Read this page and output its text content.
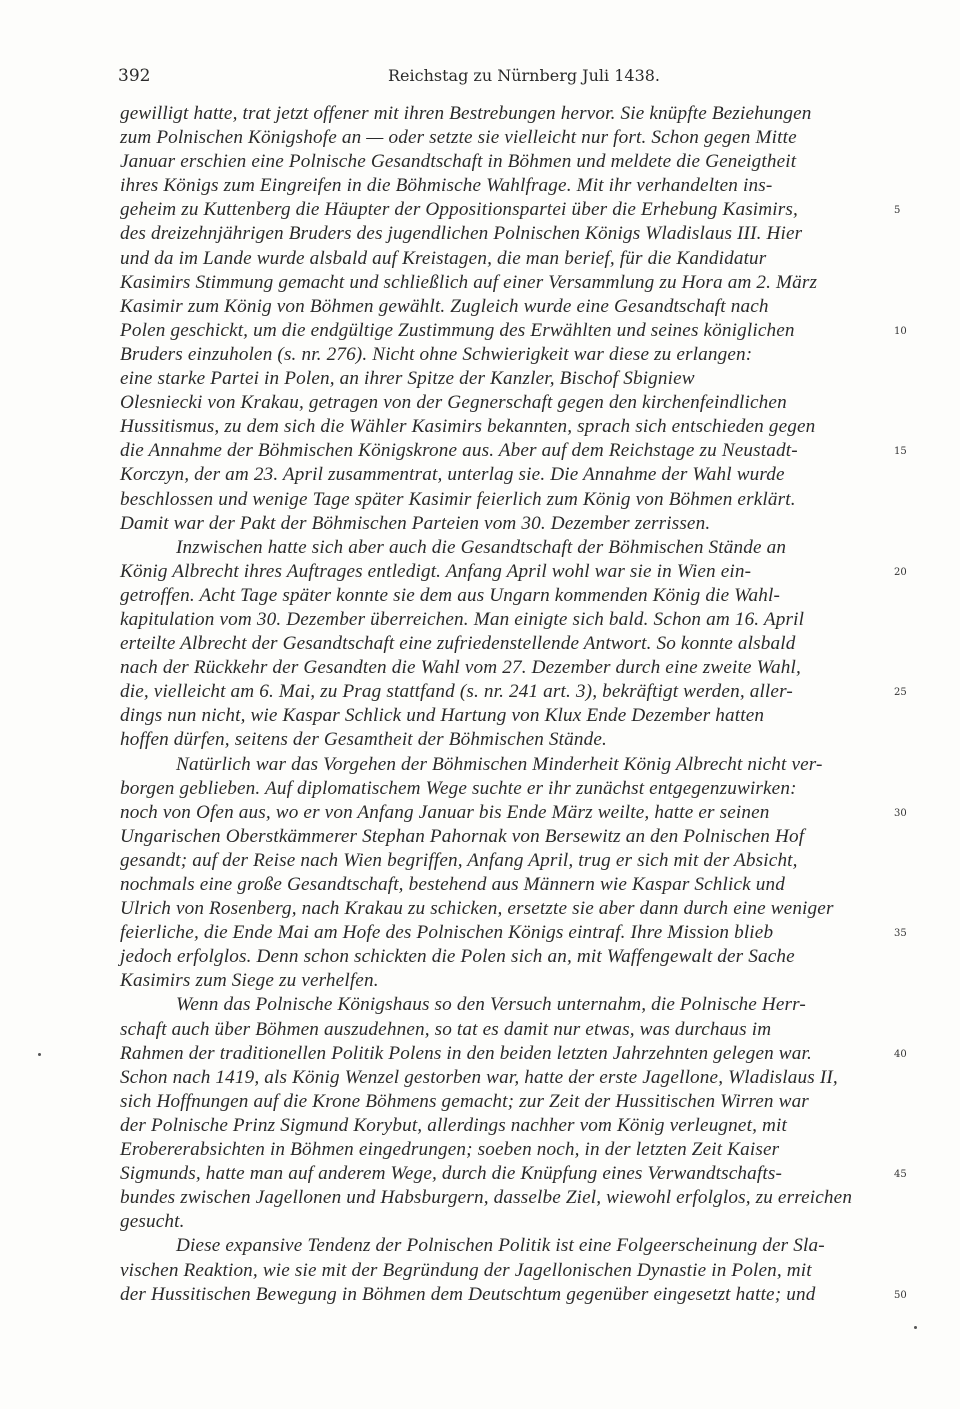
392	Reichstag zu Nürnberg Juli 1438.
gewilligt hatte, trat jetzt offener mit ihren Bestrebungen hervor. Sie knüpfte Beziehungen
zum Polnischen Königshofe an — oder setzte sie vielleicht nur fort. Schon gegen Mitte
Januar erschien eine Polnische Gesandtschaft in Böhmen und meldete die Geneigtheit
ihres Königs zum Eingreifen in die Böhmische Wahlfrage. Mit ihr verhandelten ins-
geheim zu Kuttenberg die Häupter der Oppositionspartei über die Erhebung Kasimirs,
des dreizehnjährigen Bruders des jugendlichen Polnischen Königs Wladislaus III. Hier
und da im Lande wurde alsbald auf Kreistagen, die man berief, für die Kandidatur
Kasimirs Stimmung gemacht und schließlich auf einer Versammlung zu Hora am 2. März
Kasimir zum König von Böhmen gewählt. Zugleich wurde eine Gesandtschaft nach
Polen geschickt, um die endgültige Zustimmung des Erwählten und seines königlichen
Bruders einzuholen (s. nr. 276). Nicht ohne Schwierigkeit war diese zu erlangen:
eine starke Partei in Polen, an ihrer Spitze der Kanzler, Bischof Sbigniew
Olesniecki von Krakau, getragen von der Gegnerschaft gegen den kirchenfeindlichen
Hussitismus, zu dem sich die Wähler Kasimirs bekannten, sprach sich entschieden gegen
die Annahme der Böhmischen Königskrone aus. Aber auf dem Reichstage zu Neustadt-
Korczyn, der am 23. April zusammentrat, unterlag sie. Die Annahme der Wahl wurde
beschlossen und wenige Tage später Kasimir feierlich zum König von Böhmen erklärt.
Damit war der Pakt der Böhmischen Parteien vom 30. Dezember zerrissen.
Inzwischen hatte sich aber auch die Gesandtschaft der Böhmischen Stände an
König Albrecht ihres Auftrages entledigt. Anfang April wohl war sie in Wien ein-
getroffen. Acht Tage später konnte sie dem aus Ungarn kommenden König die Wahl-
kapitulation vom 30. Dezember überreichen. Man einigte sich bald. Schon am 16. April
erteilte Albrecht der Gesandtschaft eine zufriedenstellende Antwort. So konnte alsbald
nach der Rückkehr der Gesandten die Wahl vom 27. Dezember durch eine zweite Wahl,
die, vielleicht am 6. Mai, zu Prag stattfand (s. nr. 241 art. 3), bekräftigt werden, aller-
dings nun nicht, wie Kaspar Schlick und Hartung von Klux Ende Dezember hatten
hoffen dürfen, seitens der Gesamtheit der Böhmischen Stände.
Natürlich war das Vorgehen der Böhmischen Minderheit König Albrecht nicht ver-
borgen geblieben. Auf diplomatischem Wege suchte er ihr zunächst entgegenzuwirken:
noch von Ofen aus, wo er von Anfang Januar bis Ende März weilte, hatte er seinen
Ungarischen Oberstkämmerer Stephan Pahornak von Bersewitz an den Polnischen Hof
gesandt; auf der Reise nach Wien begriffen, Anfang April, trug er sich mit der Absicht,
nochmals eine große Gesandtschaft, bestehend aus Männern wie Kaspar Schlick und
Ulrich von Rosenberg, nach Krakau zu schicken, ersetzte sie aber dann durch eine weniger
feierliche, die Ende Mai am Hofe des Polnischen Königs eintraf. Ihre Mission blieb
jedoch erfolglos. Denn schon schickten die Polen sich an, mit Waffengewalt der Sache
Kasimirs zum Siege zu verhelfen.
Wenn das Polnische Königshaus so den Versuch unternahm, die Polnische Herr-
schaft auch über Böhmen auszudehnen, so tat es damit nur etwas, was durchaus im
Rahmen der traditionellen Politik Polens in den beiden letzten Jahrzehnten gelegen war.
Schon nach 1419, als König Wenzel gestorben war, hatte der erste Jagellone, Wladislaus II,
sich Hoffnungen auf die Krone Böhmens gemacht; zur Zeit der Hussitischen Wirren war
der Polnische Prinz Sigmund Korybut, allerdings nachher vom König verleugnet, mit
Erobererabsichten in Böhmen eingedrungen; soeben noch, in der letzten Zeit Kaiser
Sigmunds, hatte man auf anderem Wege, durch die Knüpfung eines Verwandtschafts-
bundes zwischen Jagellonen und Habsburgern, dasselbe Ziel, wiewohl erfolglos, zu erreichen
gesucht.
Diese expansive Tendenz der Polnischen Politik ist eine Folgeerscheinung der Sla-
vischen Reaktion, wie sie mit der Begründung der Jagellonischen Dynastie in Polen, mit
der Hussitischen Bewegung in Böhmen dem Deutschtum gegenüber eingesetzt hatte; und
5
10
15
20
25
30
35
40
45
50
